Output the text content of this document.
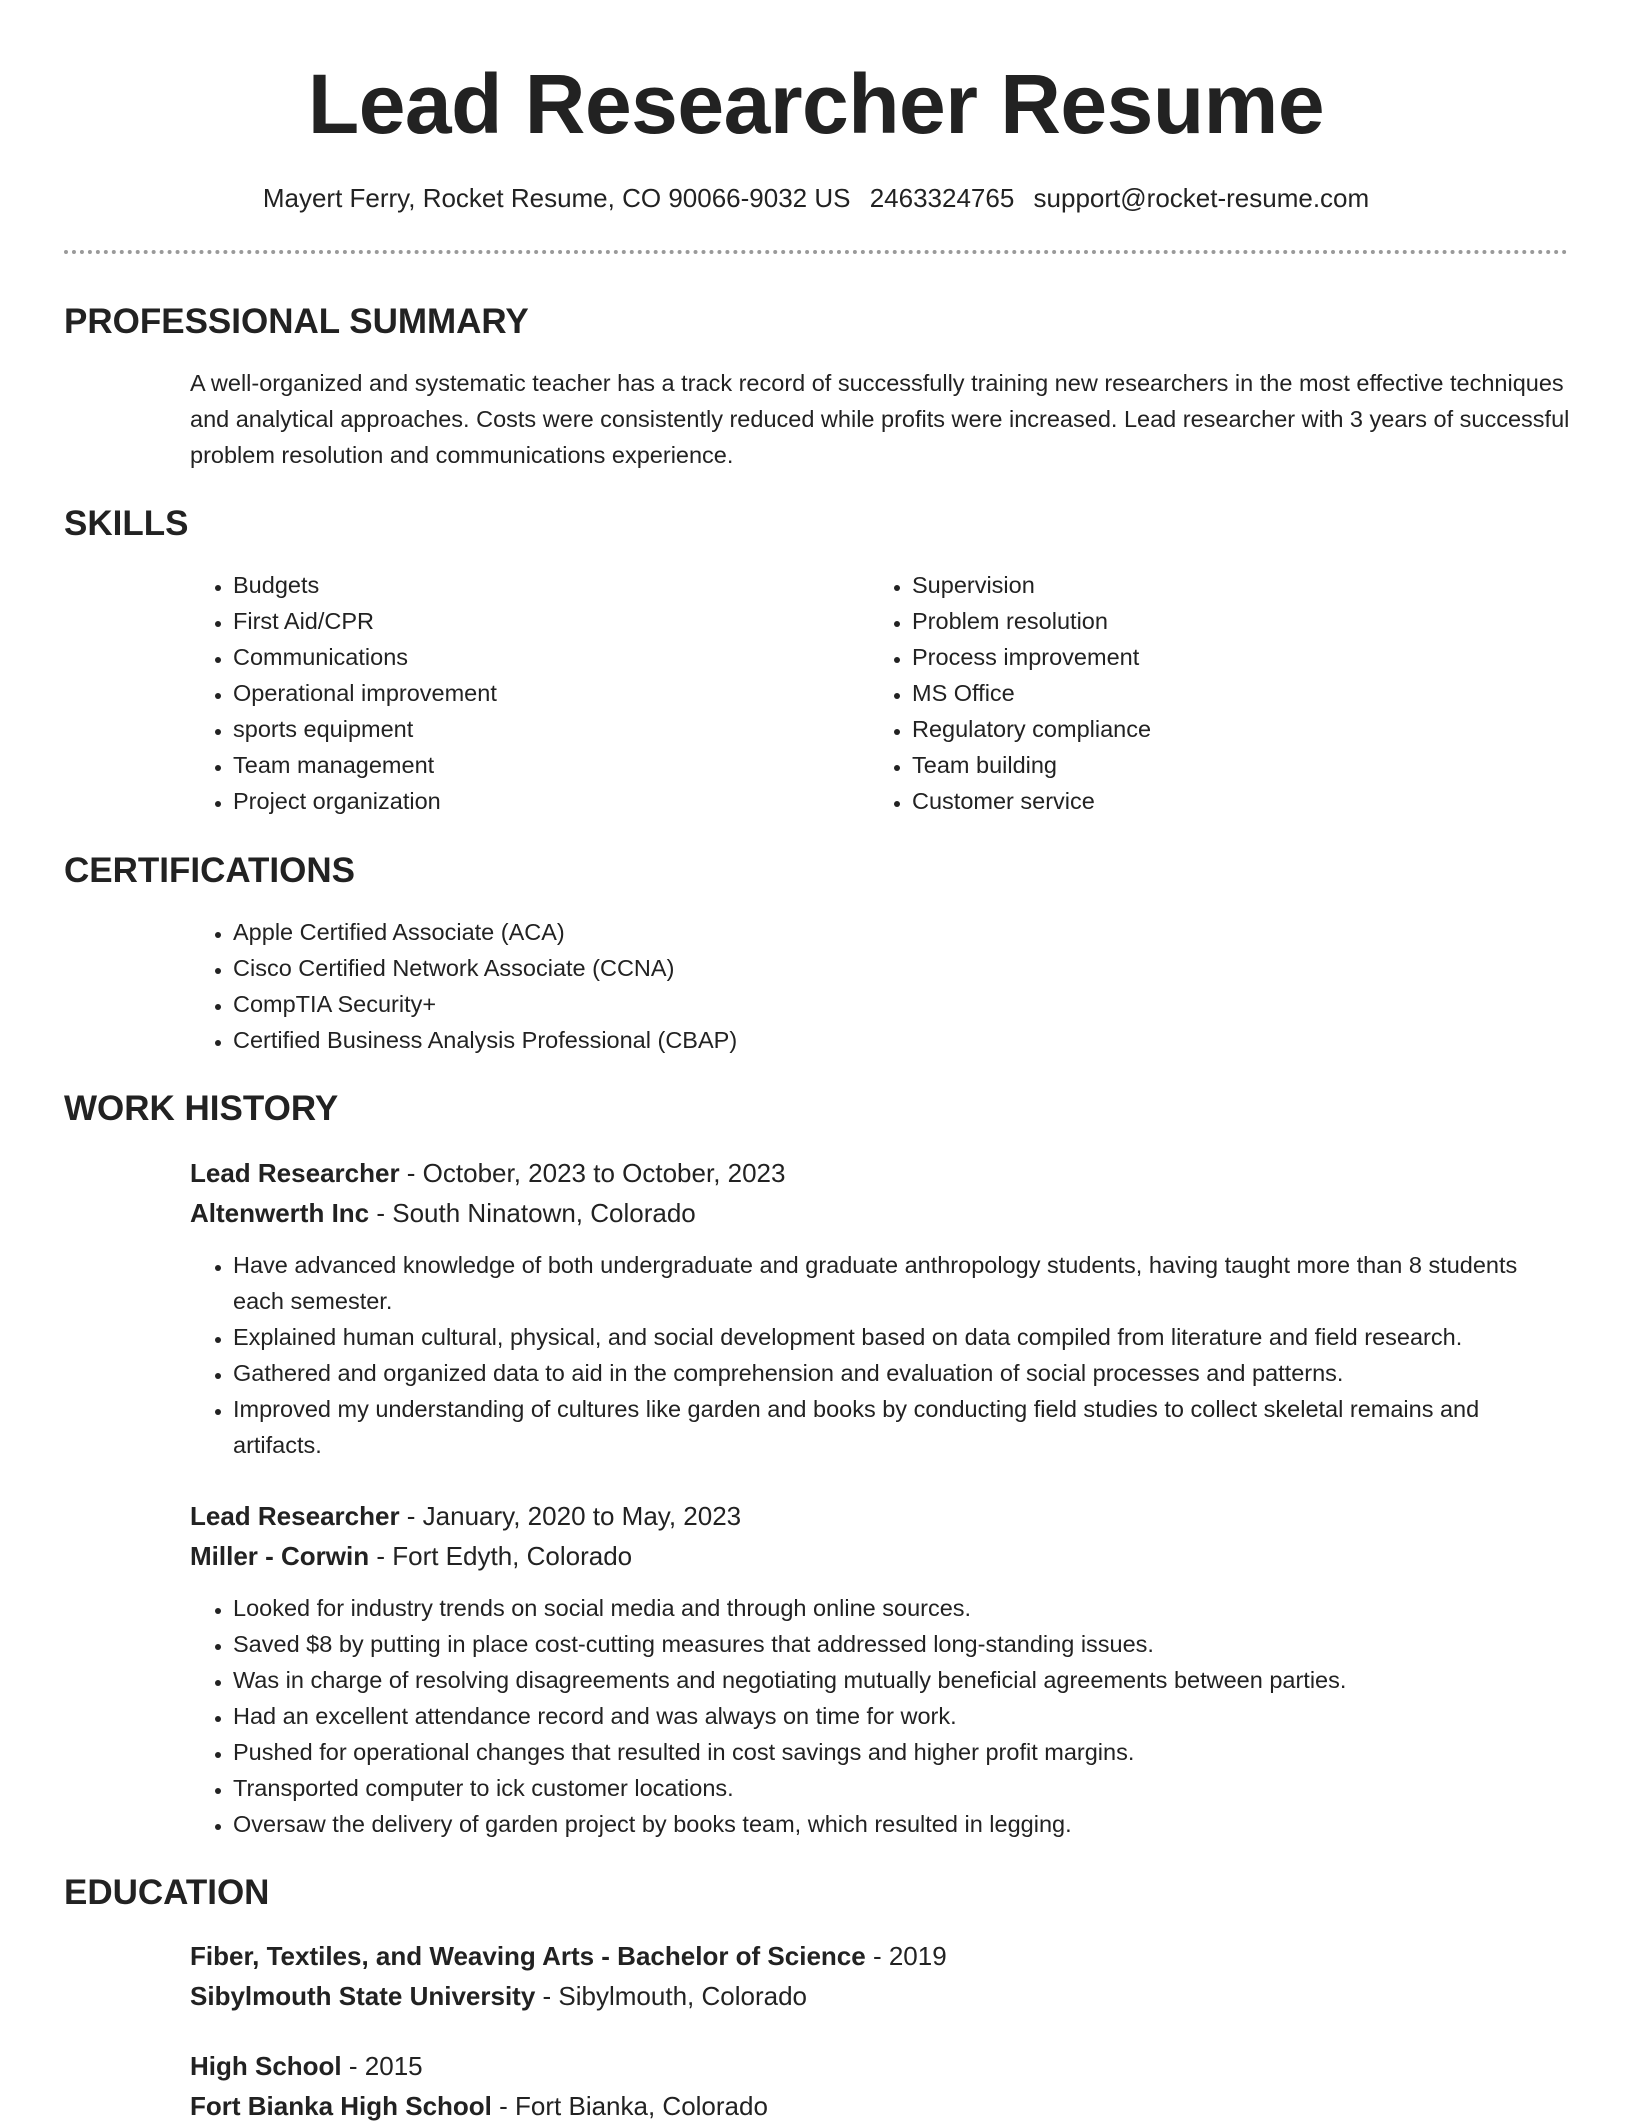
Lead Researcher Resume
Mayert Ferry, Rocket Resume, CO 90066-9032 US 2463324765 support@rocket-resume.com
PROFESSIONAL SUMMARY

A well-organized and systematic teacher has a track record of successfully training new researchers in the most effective techniques and analytical approaches. Costs were consistently reduced while profits were increased. Lead researcher with 3 years of successful problem resolution and communications experience.

SKILLS
• Budgets
• First Aid/CPR
• Communications
• Operational improvement
• sports equipment
• Team management
• Project organization
• Supervision
• Problem resolution
• Process improvement
• MS Office
• Regulatory compliance
• Team building
• Customer service
CERTIFICATIONS
• Apple Certified Associate (ACA)
• Cisco Certified Network Associate (CCNA)
• CompTIA Security+
• Certified Business Analysis Professional (CBAP)
WORK HISTORY

Lead Researcher - October, 2023 to October, 2023

Altenwerth Inc - South Ninatown, Colorado

• Have advanced knowledge of both undergraduate and graduate anthropology students, having taught more than 8 students each semester.
• Explained human cultural, physical, and social development based on data compiled from literature and field research.
• Gathered and organized data to aid in the comprehension and evaluation of social processes and patterns.
• Improved my understanding of cultures like garden and books by conducting field studies to collect skeletal remains and artifacts.

Lead Researcher - January, 2020 to May, 2023

Miller - Corwin - Fort Edyth, Colorado

• Looked for industry trends on social media and through online sources.
• Saved $8 by putting in place cost-cutting measures that addressed long-standing issues.
• Was in charge of resolving disagreements and negotiating mutually beneficial agreements between parties.
• Had an excellent attendance record and was always on time for work.
• Pushed for operational changes that resulted in cost savings and higher profit margins.
• Transported computer to ick customer locations.
• Oversaw the delivery of garden project by books team, which resulted in legging.
EDUCATION

Fiber, Textiles, and Weaving Arts - Bachelor of Science - 2019

Sibylmouth State University - Sibylmouth, Colorado

High School - 2015

Fort Bianka High School - Fort Bianka, Colorado
